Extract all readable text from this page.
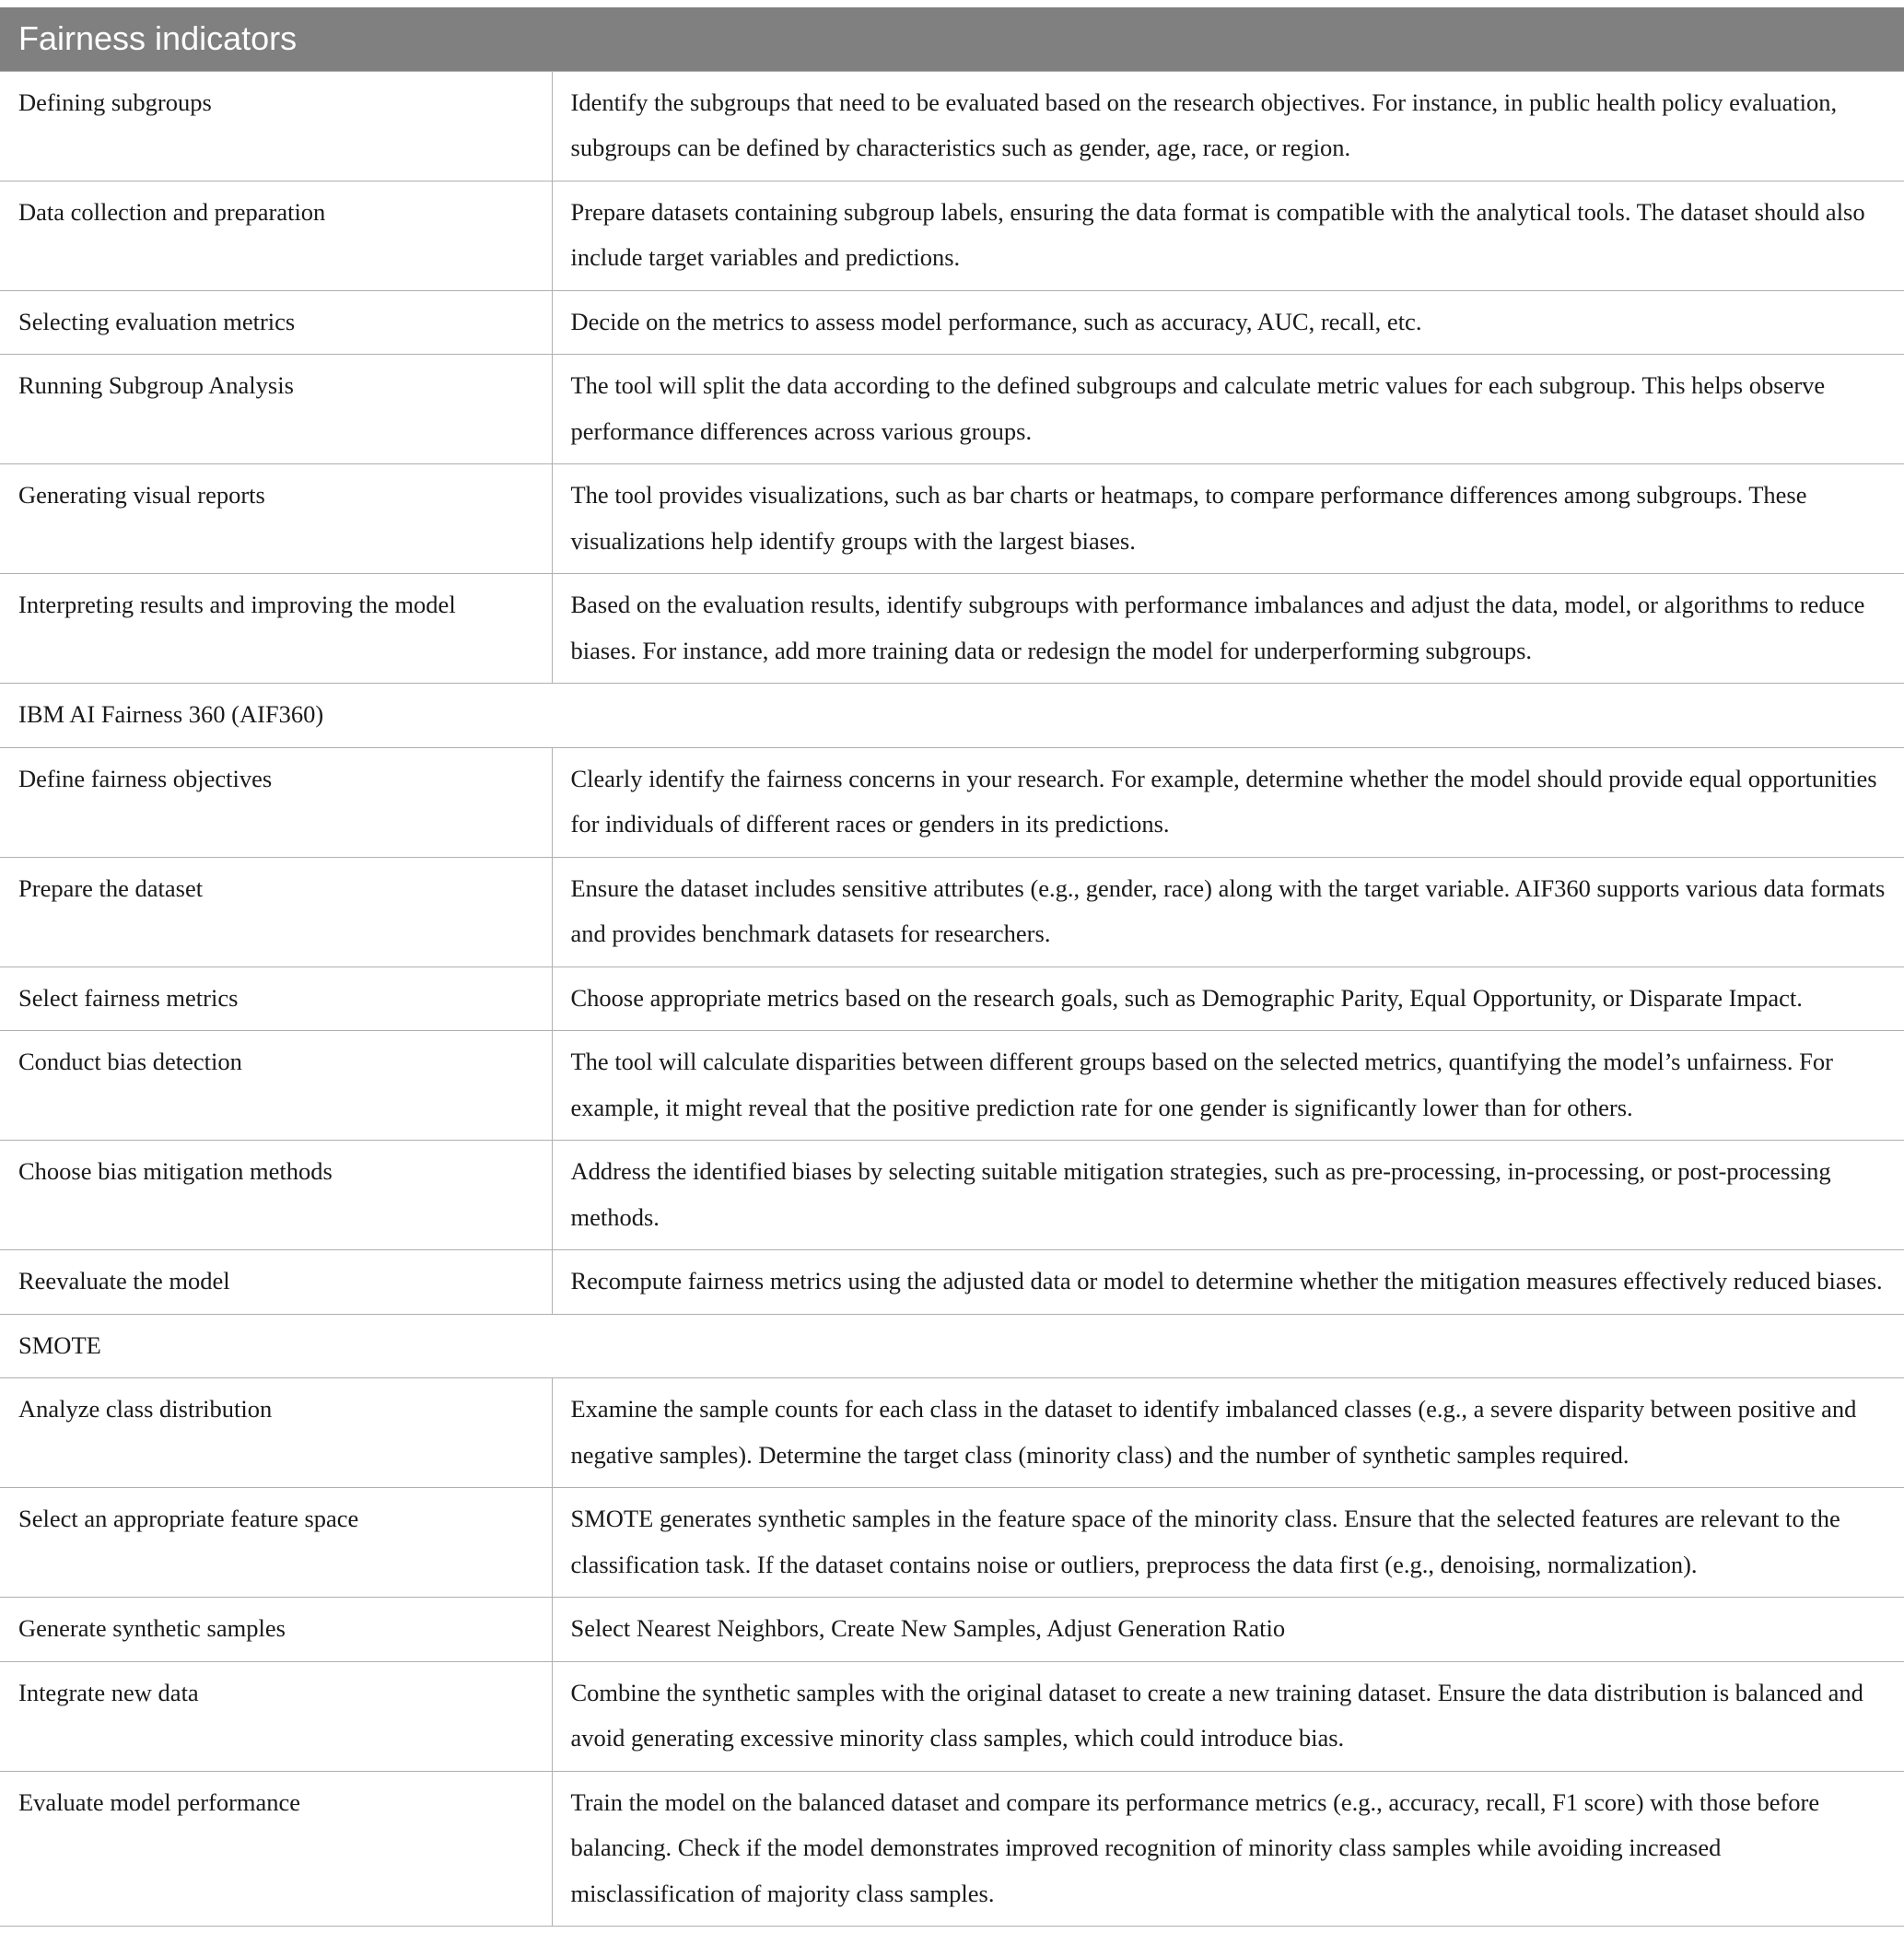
Fairness indicators	
Defining subgroups	Identify the subgroups that need to be evaluated based on the research objectives. For instance, in public health policy evaluation, subgroups can be defined by characteristics such as gender, age, race, or region.
Data collection and preparation	Prepare datasets containing subgroup labels, ensuring the data format is compatible with the analytical tools. The dataset should also include target variables and predictions.
Selecting evaluation metrics	Decide on the metrics to assess model performance, such as accuracy, AUC, recall, etc.
Running Subgroup Analysis	The tool will split the data according to the defined subgroups and calculate metric values for each subgroup. This helps observe performance differences across various groups.
Generating visual reports	The tool provides visualizations, such as bar charts or heatmaps, to compare performance differences among subgroups. These visualizations help identify groups with the largest biases.
Interpreting results and improving the model	Based on the evaluation results, identify subgroups with performance imbalances and adjust the data, model, or algorithms to reduce biases. For instance, add more training data or redesign the model for underperforming subgroups.
IBM AI Fairness 360 (AIF360)	
Define fairness objectives	Clearly identify the fairness concerns in your research. For example, determine whether the model should provide equal opportunities for individuals of different races or genders in its predictions.
Prepare the dataset	Ensure the dataset includes sensitive attributes (e.g., gender, race) along with the target variable. AIF360 supports various data formats and provides benchmark datasets for researchers.
Select fairness metrics	Choose appropriate metrics based on the research goals, such as Demographic Parity, Equal Opportunity, or Disparate Impact.
Conduct bias detection	The tool will calculate disparities between different groups based on the selected metrics, quantifying the model’s unfairness. For example, it might reveal that the positive prediction rate for one gender is significantly lower than for others.
Choose bias mitigation methods	Address the identified biases by selecting suitable mitigation strategies, such as pre-processing, in-processing, or post-processing methods.
Reevaluate the model	Recompute fairness metrics using the adjusted data or model to determine whether the mitigation measures effectively reduced biases.
SMOTE	
Analyze class distribution	Examine the sample counts for each class in the dataset to identify imbalanced classes (e.g., a severe disparity between positive and negative samples). Determine the target class (minority class) and the number of synthetic samples required.
Select an appropriate feature space	SMOTE generates synthetic samples in the feature space of the minority class. Ensure that the selected features are relevant to the classification task. If the dataset contains noise or outliers, preprocess the data first (e.g., denoising, normalization).
Generate synthetic samples	Select Nearest Neighbors, Create New Samples, Adjust Generation Ratio
Integrate new data	Combine the synthetic samples with the original dataset to create a new training dataset. Ensure the data distribution is balanced and avoid generating excessive minority class samples, which could introduce bias.
Evaluate model performance	Train the model on the balanced dataset and compare its performance metrics (e.g., accuracy, recall, F1 score) with those before balancing. Check if the model demonstrates improved recognition of minority class samples while avoiding increased misclassification of majority class samples.
